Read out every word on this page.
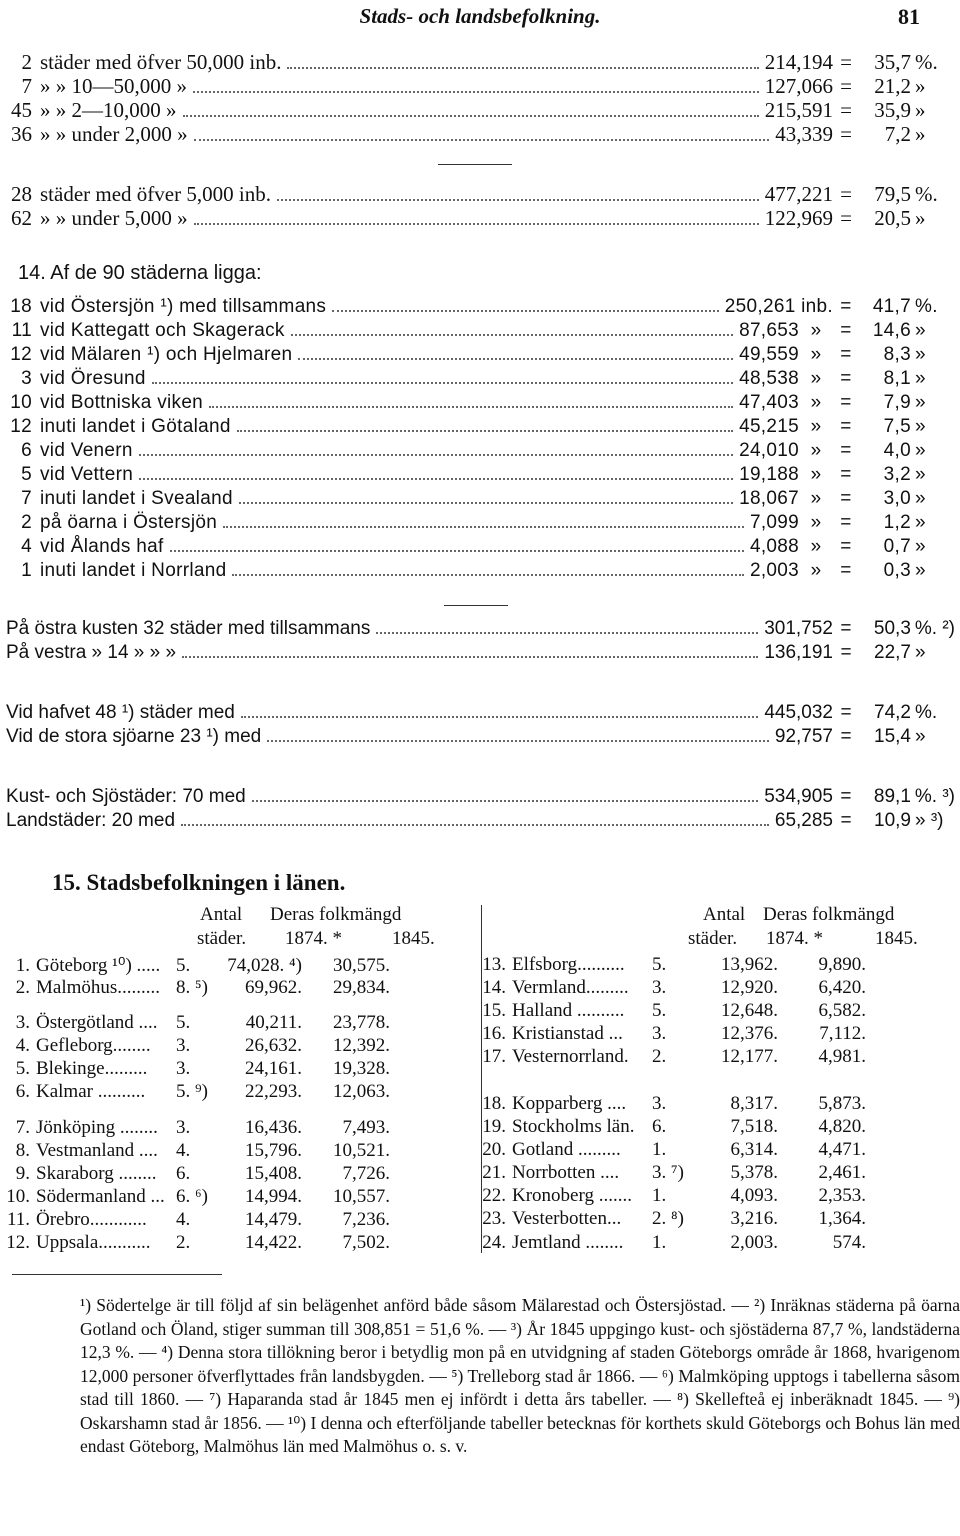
Stads- och landsbefolkning.	81
2 städer med öfver 50,000 inb.	214,194 =	35,7 %.
7 » » 10—50,000 »	127,066 =	21,2 »
45 » » 2—10,000 »	215,591 =	35,9 »
36 » » under 2,000 »	43,339 =	7,2 »
28 städer med öfver 5,000 inb.	477,221 =	79,5 %.
62 » » under 5,000 »	122,969 =	20,5 »
14. Af de 90 städerna ligga:
18 vid Östersjön ¹) med tillsammans	250,261 inb. =	41,7 %.
11 vid Kattegatt och Skagerack	87,653 » =	14,6 »
12 vid Mälaren ¹) och Hjelmaren	49,559 » =	8,3 »
3 vid Öresund	48,538 » =	8,1 »
10 vid Bottniska viken	47,403 » =	7,9 »
12 inuti landet i Götaland	45,215 » =	7,5 »
6 vid Venern	24,010 » =	4,0 »
5 vid Vettern	19,188 » =	3,2 »
7 inuti landet i Svealand	18,067 » =	3,0 »
2 på öarna i Östersjön	7,099 » =	1,2 »
4 vid Ålands haf	4,088 » =	0,7 »
1 inuti landet i Norrland	2,003 » =	0,3 »
På östra kusten 32 städer med tillsammans	301,752 =	50,3 %. ²)
På vestra » 14 » » »	136,191 =	22,7 »
Vid hafvet 48 ¹) städer med	445,032 =	74,2 %.
Vid de stora sjöarne 23 ¹) med	92,757 =	15,4 »
Kust- och Sjöstäder: 70 med	534,905 =	89,1 %. ³)
Landstäder: 20 med	65,285 =	10,9 » ³)
15. Stadsbefolkningen i länen.
Antal
städer.
Deras folkmängd
1874. *	1845.
Antal
städer.
Deras folkmängd
1874. *	1845.
1. Göteborg ¹⁰) ..... 5.	74,028. ⁴)	30,575.
2. Malmöhus......... 8. ⁵)	69,962.	29,834.
3. Östergötland .... 5.	40,211.	23,778.
4. Gefleborg........	3.	26,632.	12,392.
5. Blekinge.........	3.	24,161.	19,328.
6. Kalmar ..........	5. ⁹)	22,293.	12,063.
7. Jönköping ........ 3.	16,436.	7,493.
8. Vestmanland .... 4.	15,796.	10,521.
9. Skaraborg ........	6.	15,408.	7,726.
10. Södermanland ... 6. ⁶)	14,994.	10,557.
11. Örebro............	4.	14,479.	7,236.
12. Uppsala...........	2.	14,422.	7,502.
13. Elfsborg..........	5.	13,962.	9,890.
14. Vermland.........	3.	12,920.	6,420.
15. Halland ..........	5.	12,648.	6,582.
16. Kristianstad ...	3.	12,376.	7,112.
17. Vesternorrland.	2.	12,177.	4,981.
18. Kopparberg ....	3.	8,317.	5,873.
19. Stockholms län. 6.	7,518.	4,820.
20. Gotland .........	1.	6,314.	4,471.
21. Norrbotten ....	3. ⁷)	5,378.	2,461.
22. Kronoberg .......	1.	4,093.	2,353.
23. Vesterbotten...	2. ⁸)	3,216.	1,364.
24. Jemtland ........	1.	2,003.	574.
¹) Södertelge är till följd af sin belägenhet anförd både såsom Mälarestad och Östersjöstad. — ²) Inräknas städerna på öarna Gotland och Öland, stiger summan till 308,851 = 51,6 %. — ³) År 1845 uppgingo kust- och sjöstäderna 87,7 %, landstäderna 12,3 %. — ⁴) Denna stora tillökning beror i betydlig mon på en utvidgning af staden Göteborgs område år 1868, hvarigenom 12,000 personer öfverflyttades från landsbygden. — ⁵) Trelleborg stad år 1866. — ⁶) Malmköping upptogs i tabellerna såsom stad till 1860. — ⁷) Haparanda stad år 1845 men ej infördt i detta års tabeller. — ⁸) Skellefteå ej inberäknadt 1845. — ⁹) Oskarshamn stad år 1856. — ¹⁰) I denna och efterföljande tabeller betecknas för korthets skuld Göteborgs och Bohus län med endast Göteborg, Malmöhus län med Malmöhus o. s. v.
